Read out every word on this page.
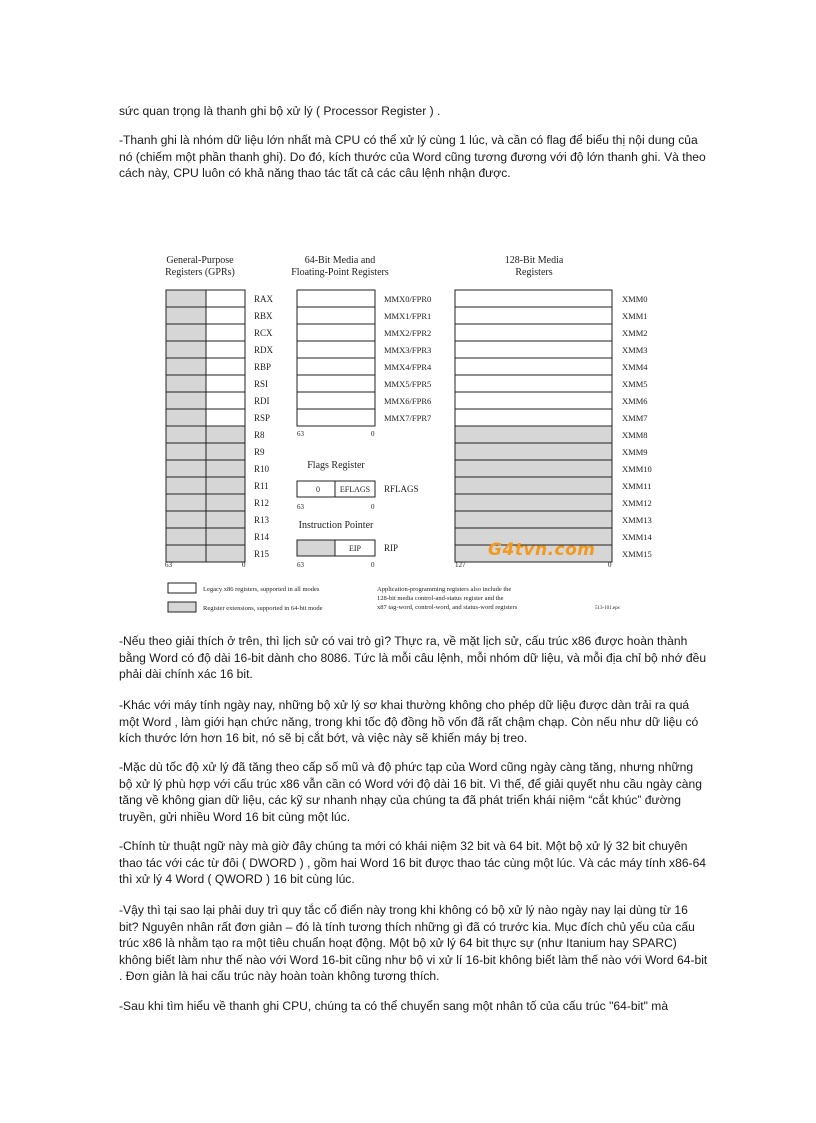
sức quan trọng là thanh ghi bộ xử lý ( Processor Register ) .

-Thanh ghi là nhóm dữ liệu lớn nhất mà CPU có thể xử lý cùng 1 lúc, và cần có flag để biểu thị nội dung của nó (chiếm một phần thanh ghi). Do đó, kích thước của Word cũng tương đương với độ lớn thanh ghi. Và theo cách này, CPU luôn có khả năng thao tác tất cả các câu lệnh nhận được.

General-Purpose
Registers (GPRs)
64-Bit Media and
Floating-Point Registers
128-Bit Media
Registers
RAX
RBX
RCX
RDX
RBP
RSI
RDI
RSP
R8
R9
R10
R11
R12
R13
R14
R15
63	0
MMX0/FPR0
MMX1/FPR1
MMX2/FPR2
MMX3/FPR3
MMX4/FPR4
MMX5/FPR5
MMX6/FPR6
MMX7/FPR7
63	0
Flags Register
0 EFLAGS RFLAGS
63	0
Instruction Pointer
EIP	RIP
63	0
XMM0
XMM1
XMM2
XMM3
XMM4
XMM5
XMM6
XMM7
XMM8
XMM9
XMM10
XMM11
XMM12
XMM13
XMM14
XMM15
127	0
Legacy x86 registers, supported in all modes
Register extensions, supported in 64-bit mode
Application-programming registers also include the
128-bit media control-and-status register and the
x87 tag-word, control-word, and status-word registers	513-101.eps
G4tvn.com

-Nếu theo giải thích ở trên, thì lịch sử có vai trò gì? Thực ra, về mặt lịch sử, cấu trúc x86 được hoàn thành bằng Word có độ dài 16-bit dành cho 8086. Tức là mỗi câu lệnh, mỗi nhóm dữ liệu, và mỗi địa chỉ bộ nhớ đều phải dài chính xác 16 bit.

-Khác với máy tính ngày nay, những bộ xử lý sơ khai thường không cho phép dữ liệu được dàn trải ra quá một Word , làm giới hạn chức năng, trong khi tốc độ đồng hồ vốn đã rất chậm chạp. Còn nếu như dữ liệu có kích thước lớn hơn 16 bit, nó sẽ bị cắt bớt, và việc này sẽ khiến máy bị treo.

-Mặc dù tốc độ xử lý đã tăng theo cấp số mũ và độ phức tạp của Word cũng ngày càng tăng, nhưng những bộ xử lý phù hợp với cấu trúc x86 vẫn cần có Word với độ dài 16 bit. Vì thế, để giải quyết nhu cầu ngày càng tăng về không gian dữ liệu, các kỹ sư nhanh nhạy của chúng ta đã phát triển khái niệm “cắt khúc” đường truyền, gửi nhiều Word 16 bit cùng một lúc.

-Chính từ thuật ngữ này mà giờ đây chúng ta mới có khái niệm 32 bit và 64 bit. Một bộ xử lý 32 bit chuyên thao tác với các từ đôi ( DWORD ) , gồm hai Word 16 bit được thao tác cùng một lúc. Và các máy tính x86-64 thì xử lý 4 Word ( QWORD ) 16 bit cùng lúc.

-Vậy thì tại sao lại phải duy trì quy tắc cổ điển này trong khi không có bộ xử lý nào ngày nay lại dùng từ 16 bit? Nguyên nhân rất đơn giản – đó là tính tương thích những gì đã có trước kia. Mục đích chủ yếu của cấu trúc x86 là nhằm tạo ra một tiêu chuẩn hoạt động. Một bộ xử lý 64 bit thực sự (như Itanium hay SPARC) không biết làm như thế nào với Word 16-bit cũng như bộ vi xử lí 16-bit không biết làm thế nào với Word 64-bit . Đơn giản là hai cấu trúc này hoàn toàn không tương thích.

-Sau khi tìm hiểu về thanh ghi CPU, chúng ta có thể chuyển sang một nhân tố của cấu trúc "64-bit" mà
